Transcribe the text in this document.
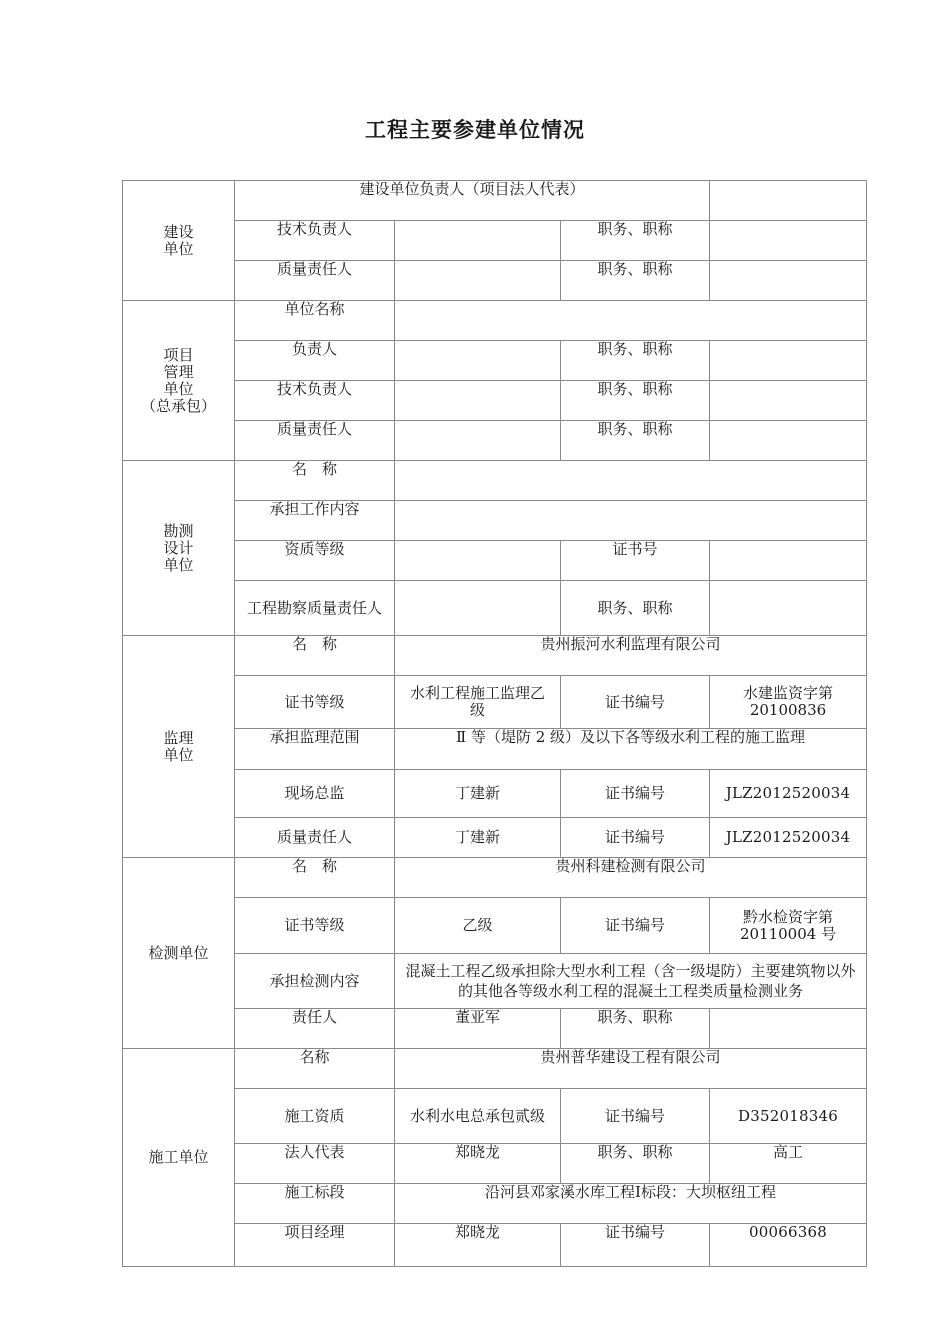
工程主要参建单位情况
建设
单位	建设单位负责人（项目法人代表）			
	技术负责人		职务、职称	
	质量责任人		职务、职称	

项目
管理
单位
（总承包）	单位名称			
	负责人		职务、职称	
	技术负责人		职务、职称	
	质量责任人		职务、职称	

勘测
设计
单位	名　称			
	承担工作内容			
	资质等级		证书号	
	工程勘察质量责任人		职务、职称	

监理
单位	名　称	贵州振河水利监理有限公司		
	证书等级	水利工程施工监理乙级	证书编号	水建监资字第20100836
	承担监理范围	Ⅱ 等（堤防 2 级）及以下各等级水利工程的施工监理		
	现场总监	丁建新	证书编号	JLZ2012520034
	质量责任人	丁建新	证书编号	JLZ2012520034
检测单位	名　称	贵州科建检测有限公司		
	证书等级	乙级	证书编号	黔水检资字第20110004 号
	承担检测内容	混凝土工程乙级承担除大型水利工程（含一级堤防）主要建筑物以外的其他各等级水利工程的混凝土工程类质量检测业务		
	责任人	董亚军	职务、职称	
施工单位	名称	贵州普华建设工程有限公司		
	施工资质	水利水电总承包贰级	证书编号	D352018346
	法人代表	郑晓龙	职务、职称	高工
	施工标段	沿河县邓家溪水库工程Ⅰ标段：大坝枢纽工程		
	项目经理	郑晓龙	证书编号	00066368
